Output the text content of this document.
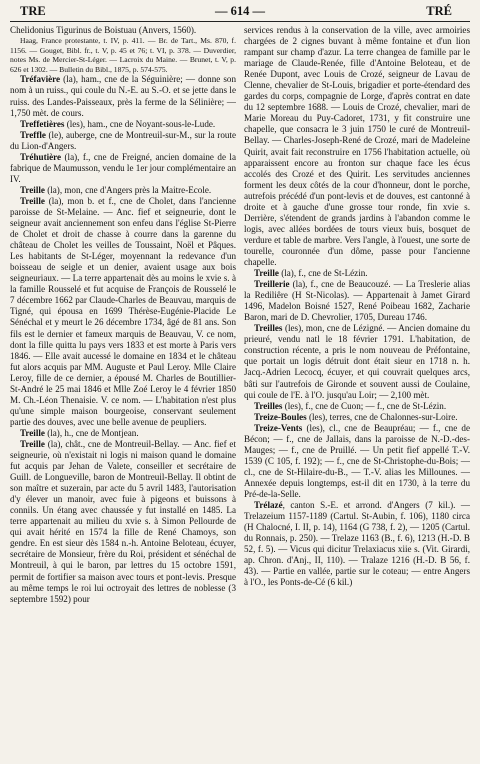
TRE	— 614 —	TRÉ

Chelidonius Tigurinus de Boistuau (Anvers, 1560).

Haag, France protestante, t. IV, p. 411. — Br. de Tart., Ms. 870, f. 1156. — Gouget, Bibl. fr., t. V, p. 45 et 76; t. VI, p. 378. — Duverdier, notes Ms. de Mercier-St-Léger. — Lacroix du Maine. — Brunet, t. V, p. 626 et 1302. — Bulletin du Bibl., 1875, p. 574-575.

Tréfavière (la), ham., cne de la Séguinière; — donne son nom à un ruiss., qui coule du N.-E. au S.-O. et se jette dans le ruiss. des Landes-Paisseaux, près la ferme de la Sélinière; — 1,750 mèt. de cours.

Treffetières (les), ham., cne de Noyant-sous-le-Lude.

Treffle (le), auberge, cne de Montreuil-sur-M., sur la route du Lion-d'Angers.

Tréhutière (la), f., cne de Freigné, ancien domaine de la fabrique de Maumusson, vendu le 1er jour complémentaire an IV.

Treille (la), mon, cne d'Angers près la Maitre-Ecole.

Treille (la), mon b. et f., cne de Cholet, dans l'ancienne paroisse de St-Melaine. — Anc. fief et seigneurie, dont le seigneur avait anciennement son enfeu dans l'église St-Pierre de Cholet et droit de chasse à courre dans la garenne du château de Cholet les veilles de Toussaint, Noël et Pâques. Les habitants de St-Léger, moyennant la redevance d'un boisseau de seigle et un denier, avaient usage aux bois seigneuriaux. — La terre appartenait dès au moins le xvie s. à la famille Rousselé et fut acquise de François de Rousselé le 7 décembre 1662 par Claude-Charles de Beauvau, marquis de Tigné, qui épousa en 1699 Thérèse-Eugénie-Placide Le Sénéchal et y meurt le 26 décembre 1734, âgé de 81 ans. Son fils est le dernier et fameux marquis de Beauvau, V. ce nom, dont la fille quitta lu pays vers 1833 et est morte à Paris vers 1846. — Elle avait aucessé le domaine en 1834 et le château fut alors acquis par MM. Auguste et Paul Leroy. Mlle Claire Leroy, fille de ce dernier, a épousé M. Charles de Boutillier-St-André le 25 mai 1846 et Mlle Zoé Leroy le 4 février 1850 M. Ch.-Léon Thenaisie. V. ce nom. — L'habitation n'est plus qu'une simple maison bourgeoise, conservant seulement partie des douves, avec une belle avenue de peupliers.

Treille (la), h., cne de Montjean.

Treille (la), chât., cne de Montreuil-Bellay. — Anc. fief et seigneurie, où n'existait ni logis ni maison quand le domaine fut acquis par Jehan de Valete, conseiller et secrétaire de Guill. de Longueville, baron de Montreuil-Bellay. Il obtint de son maître et suzerain, par acte du 5 avril 1483, l'autorisation d'y élever un manoir, avec fuie à pigeons et buissons à connils. Un étang avec chaussée y fut installé en 1485. La terre appartenait au milieu du xvie s. à Simon Pellourde de qui avait hérité en 1574 la fille de René Chamoys, son gendre. En est sieur dès 1584 n.-h. Antoine Beloteau, écuyer, secrétaire de Monsieur, frère du Roi, président et sénéchal de Montreuil, à qui le baron, par lettres du 15 octobre 1591, permit de fortifier sa maison avec tours et pont-levis. Presque au même temps le roi lui octroyait des lettres de noblesse (3 septembre 1592) pour

services rendus à la conservation de la ville, avec armoiries chargées de 2 cignes buvant à même fontaine et d'un lion rampant sur champ d'azur. La terre changea de famille par le mariage de Claude-Renée, fille d'Antoine Beloteau, et de Renée Dupont, avec Louis de Crozé, seigneur de Lavau de Clenne, chevalier de St-Louis, brigadier et porte-étendard des gardes du corps, compagnie de Lorge, d'après contrat en date du 12 septembre 1688. — Louis de Crozé, chevalier, mari de Marie Moreau du Puy-Cadoret, 1731, y fit construire une chapelle, que consacra le 3 juin 1750 le curé de Montreuil-Bellay. — Charles-Joseph-René de Crozé, mari de Madeleine Quirit, avait fait reconstruire en 1756 l'habitation actuelle, où apparaissent encore au fronton sur chaque face les écus accolés des Crozé et des Quirit. Les servitudes anciennes forment les deux côtés de la cour d'honneur, dont le porche, autrefois précédé d'un pont-levis et de douves, est cantonné à droite et à gauche d'une grosse tour ronde, fin xvie s. Derrière, s'étendent de grands jardins à l'abandon comme le logis, avec allées bordées de tours vieux buis, bosquet de verdure et table de marbre. Vers l'angle, à l'ouest, une sorte de tourelle, couronnée d'un dôme, passe pour l'ancienne chapelle.

Treille (la), f., cne de St-Lézin.

Treillerie (la), f., cne de Beaucouzé. — La Treslerie alias la Rediliêre (H St-Nicolas). — Appartenait à Jamet Girard 1496, Madelon Boisné 1527, René Poibeau 1682, Zacharie Baron, mari de D. Chevrolier, 1705, Dureau 1746.

Treilles (les), mon, cne de Lézigné. — Ancien domaine du prieuré, vendu natl le 18 février 1791. L'habitation, de construction récente, a pris le nom nouveau de Préfontaine, que portait un logis détruit dont était sieur en 1718 n. h. Jacq.-Adrien Lecocq, écuyer, et qui couvrait quelques arcs, bâti sur l'autrefois de Gironde et souvent aussi de Coulaine, qui coule de l'E. à l'O. jusqu'au Loir; — 2,100 mèt.

Treilles (les), f., cne de Cuon; — f., cne de St-Lézin.

Treize-Boules (les), terres, cne de Chalonnes-sur-Loire.

Treize-Vents (les), cl., cne de Beaupréau; — f., cne de Bécon; — f., cne de Jallais, dans la paroisse de N.-D.-des-Mauges; — f., cne de Pruillé. — Un petit fief appellé T.-V. 1539 (C 105, f. 192); — f., cne de St-Christophe-du-Bois; — cl., cne de St-Hilaire-du-B., — T.-V. alias les Millounes. — Annexée depuis longtemps, est-il dit en 1730, à la terre du Pré-de-la-Selle.

Trélazé, canton S.-E. et arrond. d'Angers (7 kil.). — Trelazeium 1157-1189 (Cartul. St-Aubin, f. 106), 1180 circa (H Chalocné, I. II, p. 14), 1164 (G 738, f. 2), — 1205 (Cartul. du Ronnais, p. 250). — Trelaze 1163 (B., f. 6), 1213 (H.-D. B 52, f. 5). — Vicus qui dicitur Trelaxiacus xiie s. (Vit. Girardi, ap. Chron. d'Anj., II, 110). — Tralaze 1216 (H.-D. B 56, f. 43). — Partie en vallée, partie sur le coteau; — entre Angers à l'O., les Ponts-de-Cé (6 kil.)
